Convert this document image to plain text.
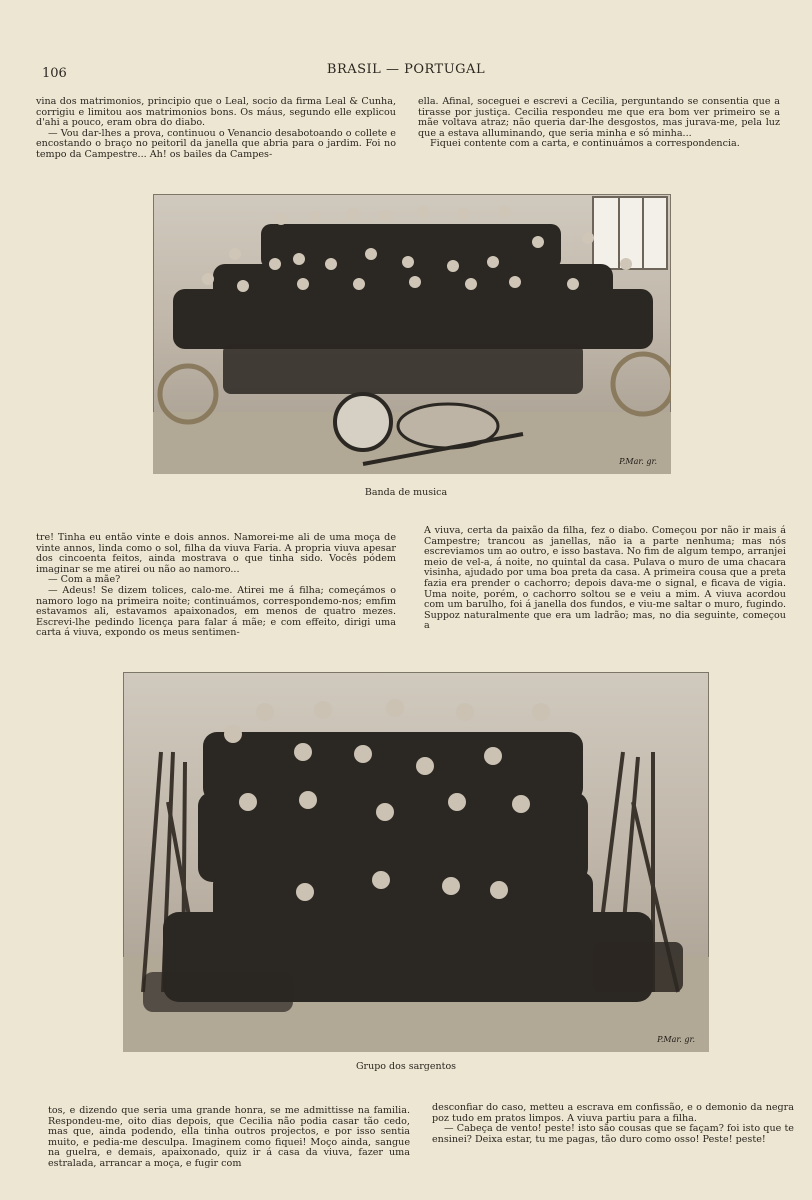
106	BRASIL — PORTUGAL

vina dos matrimonios, principio que o Leal, socio da firma Leal & Cunha, corrigiu e limitou aos matrimonios bons. Os máus, segundo elle explicou d'ahi a pouco, eram obra do diabo.

— Vou dar-lhes a prova, continuou o Venancio desabotoando o collete e encostando o braço no peitoril da janella que abria para o jardim. Foi no tempo da Campestre... Ah! os bailes da Campes-

ella. Afinal, soceguei e escrevi a Cecilia, perguntando se consentia que a tirasse por justiça. Cecilia respondeu me que era bom ver primeiro se a mãe voltava atraz; não queria dar-lhe desgostos, mas jurava-me, pela luz que a estava alluminando, que seria minha e só minha...

Fiquei contente com a carta, e continuámos a correspondencia.

P.Mar. gr.
Banda de musica

tre! Tinha eu então vinte e dois annos. Namorei-me ali de uma moça de vinte annos, linda como o sol, filha da viuva Faria. A propria viuva apesar dos cincoenta feitos, ainda mostrava o que tinha sido. Vocês pódem imaginar se me atirei ou não ao namoro...

— Com a mãe?

— Adeus! Se dizem tolices, calo-me. Atirei me á filha; começámos o namoro logo na primeira noite; continuámos, correspondemo-nos; emfim estavamos ali, estavamos apaixonados, em menos de quatro mezes. Escrevi-lhe pedindo licença para falar á mãe; e com effeito, dirigi uma carta á viuva, expondo os meus sentimen-

A viuva, certa da paixão da filha, fez o diabo. Começou por não ir mais á Campestre; trancou as janellas, não ia a parte nenhuma; mas nós escreviamos um ao outro, e isso bastava. No fim de algum tempo, arranjei meio de vel-a, á noite, no quintal da casa. Pulava o muro de uma chacara visinha, ajudado por uma boa preta da casa. A primeira cousa que a preta fazia era prender o cachorro; depois dava-me o signal, e ficava de vigia. Uma noite, porém, o cachorro soltou se e veiu a mim. A viuva acordou com um barulho, foi á janella dos fundos, e viu-me saltar o muro, fugindo. Suppoz naturalmente que era um ladrão; mas, no dia seguinte, começou a

P.Mar. gr.
Grupo dos sargentos

tos, e dizendo que seria uma grande honra, se me admittisse na familia. Respondeu-me, oito dias depois, que Cecilia não podia casar tão cedo, mas que, ainda podendo, ella tinha outros projectos, e por isso sentia muito, e pedia-me desculpa. Imaginem como fiquei! Moço ainda, sangue na guelra, e demais, apaixonado, quiz ir á casa da viuva, fazer uma estralada, arrancar a moça, e fugir com

desconfiar do caso, metteu a escrava em confissão, e o demonio da negra poz tudo em pratos limpos. A viuva partiu para a filha.

— Cabeça de vento! peste! isto são cousas que se façam? foi isto que te ensinei? Deixa estar, tu me pagas, tão duro como osso! Peste! peste!
